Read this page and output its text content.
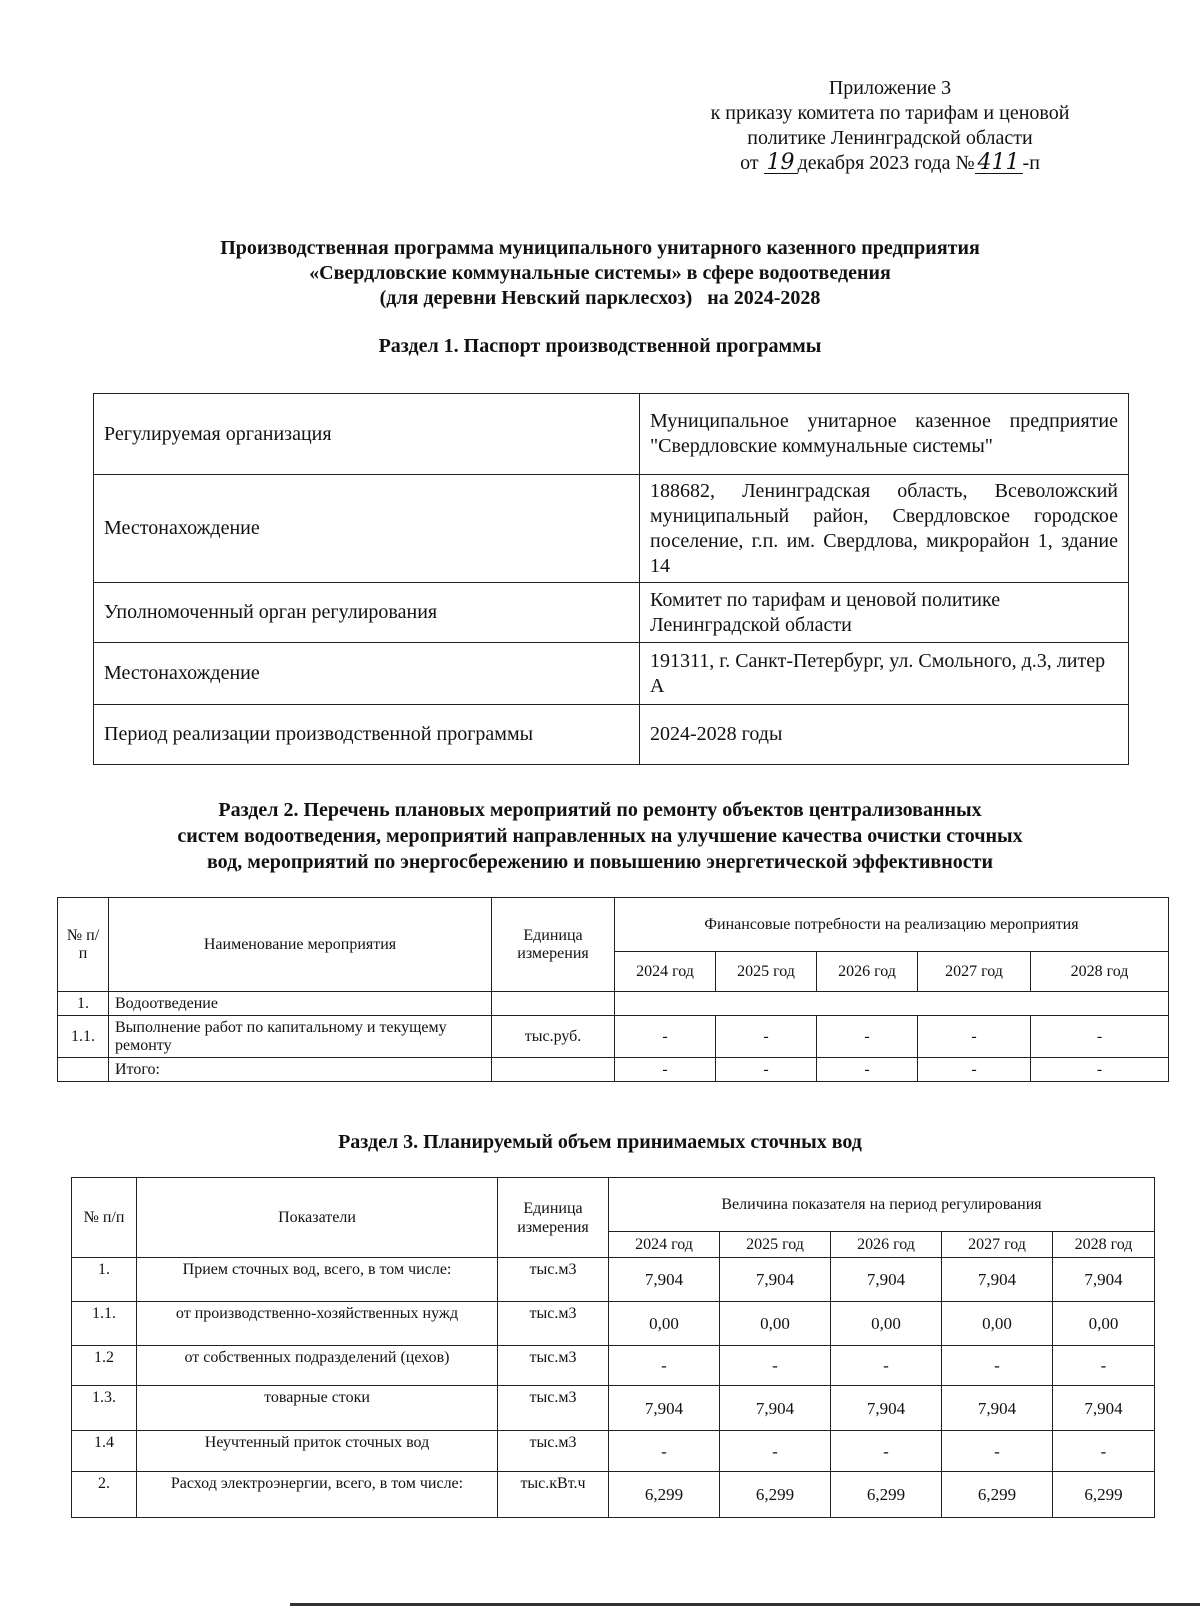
Приложение 3
к приказу комитета по тарифам и ценовой
политике Ленинградской области
от 19 декабря 2023 года № 411 -п
Производственная программа муниципального унитарного казенного предприятия
«Свердловские коммунальные системы» в сфере водоотведения
(для деревни Невский парклесхоз)   на 2024-2028
Раздел 1. Паспорт производственной программы
Регулируемая организация	Муниципальное унитарное казенное предприятие "Свердловские коммунальные системы"
Местонахождение	188682, Ленинградская область, Всеволожский муниципальный район, Свердловское городское поселение, г.п. им. Свердлова, микрорайон 1, здание 14
Уполномоченный орган регулирования	Комитет по тарифам и ценовой политике Ленинградской области
Местонахождение	191311, г. Санкт-Петербург, ул. Смольного, д.3, литер А
Период реализации производственной программы	2024-2028 годы
Раздел 2. Перечень плановых мероприятий по ремонту объектов централизованных
систем водоотведения, мероприятий направленных на улучшение качества очистки сточных
вод, мероприятий по энергосбережению и повышению энергетической эффективности
№ п/п	Наименование мероприятия	Единица измерения	Финансовые потребности на реализацию мероприятия				
			2024 год	2025 год	2026 год	2027 год	2028 год
1.	Водоотведение						
1.1.	Выполнение работ по капитальному и текущему ремонту	тыс.руб.	-	-	-	-	-
	Итого:		-	-	-	-	-
Раздел 3. Планируемый объем принимаемых сточных вод
№ п/п	Показатели	Единица измерения	Величина показателя на период регулирования				
			2024 год	2025 год	2026 год	2027 год	2028 год
1.	Прием сточных вод, всего, в том числе:	тыс.м3	7,904	7,904	7,904	7,904	7,904
1.1.	от производственно-хозяйственных нужд	тыс.м3	0,00	0,00	0,00	0,00	0,00
1.2	от собственных подразделений (цехов)	тыс.м3	-	-	-	-	-
1.3.	товарные стоки	тыс.м3	7,904	7,904	7,904	7,904	7,904
1.4	Неучтенный приток сточных вод	тыс.м3	-	-	-	-	-
2.	Расход электроэнергии, всего, в том числе:	тыс.кВт.ч	6,299	6,299	6,299	6,299	6,299
